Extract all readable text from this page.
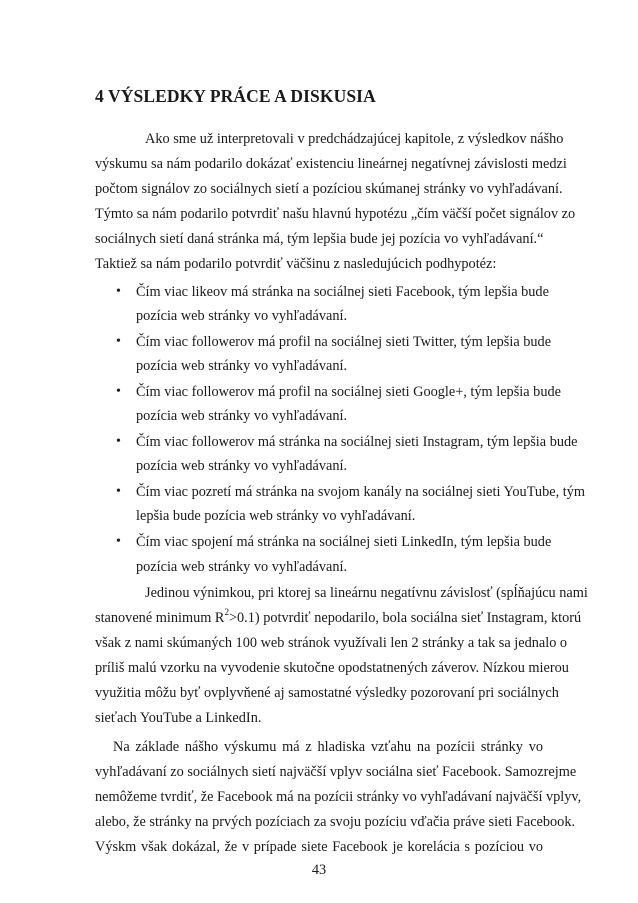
4 VÝSLEDKY PRÁCE A DISKUSIA
Ako sme už interpretovali v predchádzajúcej kapitole, z výsledkov nášho
výskumu sa nám podarilo dokázať existenciu lineárnej negatívnej závislosti medzi
počtom signálov zo sociálnych sietí a pozíciou skúmanej stránky vo vyhľadávaní.
Týmto sa nám podarilo potvrdiť našu hlavnú hypotézu „čím väčší počet signálov zo
sociálnych sietí daná stránka má, tým lepšia bude jej pozícia vo vyhľadávaní.“
Taktiež sa nám podarilo potvrdiť väčšinu z nasledujúcich podhypotéz:
• Čím viac likeov má stránka na sociálnej sieti Facebook, tým lepšia bude
pozícia web stránky vo vyhľadávaní.
• Čím viac followerov má profil na sociálnej sieti Twitter, tým lepšia bude
pozícia web stránky vo vyhľadávaní.
• Čím viac followerov má profil na sociálnej sieti Google+, tým lepšia bude
pozícia web stránky vo vyhľadávaní.
• Čím viac followerov má stránka na sociálnej sieti Instagram, tým lepšia bude
pozícia web stránky vo vyhľadávaní.
• Čím viac pozretí má stránka na svojom kanály na sociálnej sieti YouTube, tým
lepšia bude pozícia web stránky vo vyhľadávaní.
• Čím viac spojení má stránka na sociálnej sieti LinkedIn, tým lepšia bude
pozícia web stránky vo vyhľadávaní.
Jedinou výnimkou, pri ktorej sa lineárnu negatívnu závislosť (spĺňajúcu nami
stanovené minimum $R^2>0.1$) potvrdiť nepodarilo, bola sociálna sieť Instagram, ktorú
však z nami skúmaných 100 web stránok využívali len 2 stránky a tak sa jednalo o
príliš malú vzorku na vyvodenie skutočne opodstatnených záverov. Nízkou mierou
využitia môžu byť ovplyvňené aj samostatné výsledky pozorovaní pri sociálnych
sieťach YouTube a LinkedIn.
Na základe nášho výskumu má z hladiska vzťahu na pozícii stránky vo
vyhľadávaní zo sociálnych sietí najväčší vplyv sociálna sieť Facebook. Samozrejme
nemôžeme tvrdiť, že Facebook má na pozícii stránky vo vyhľadávaní najväčší vplyv,
alebo, že stránky na prvých pozíciach za svoju pozíciu vďačia práve sieti Facebook.
Výskm však dokázal, že v prípade siete Facebook je korelácia s pozíciou vo
43
